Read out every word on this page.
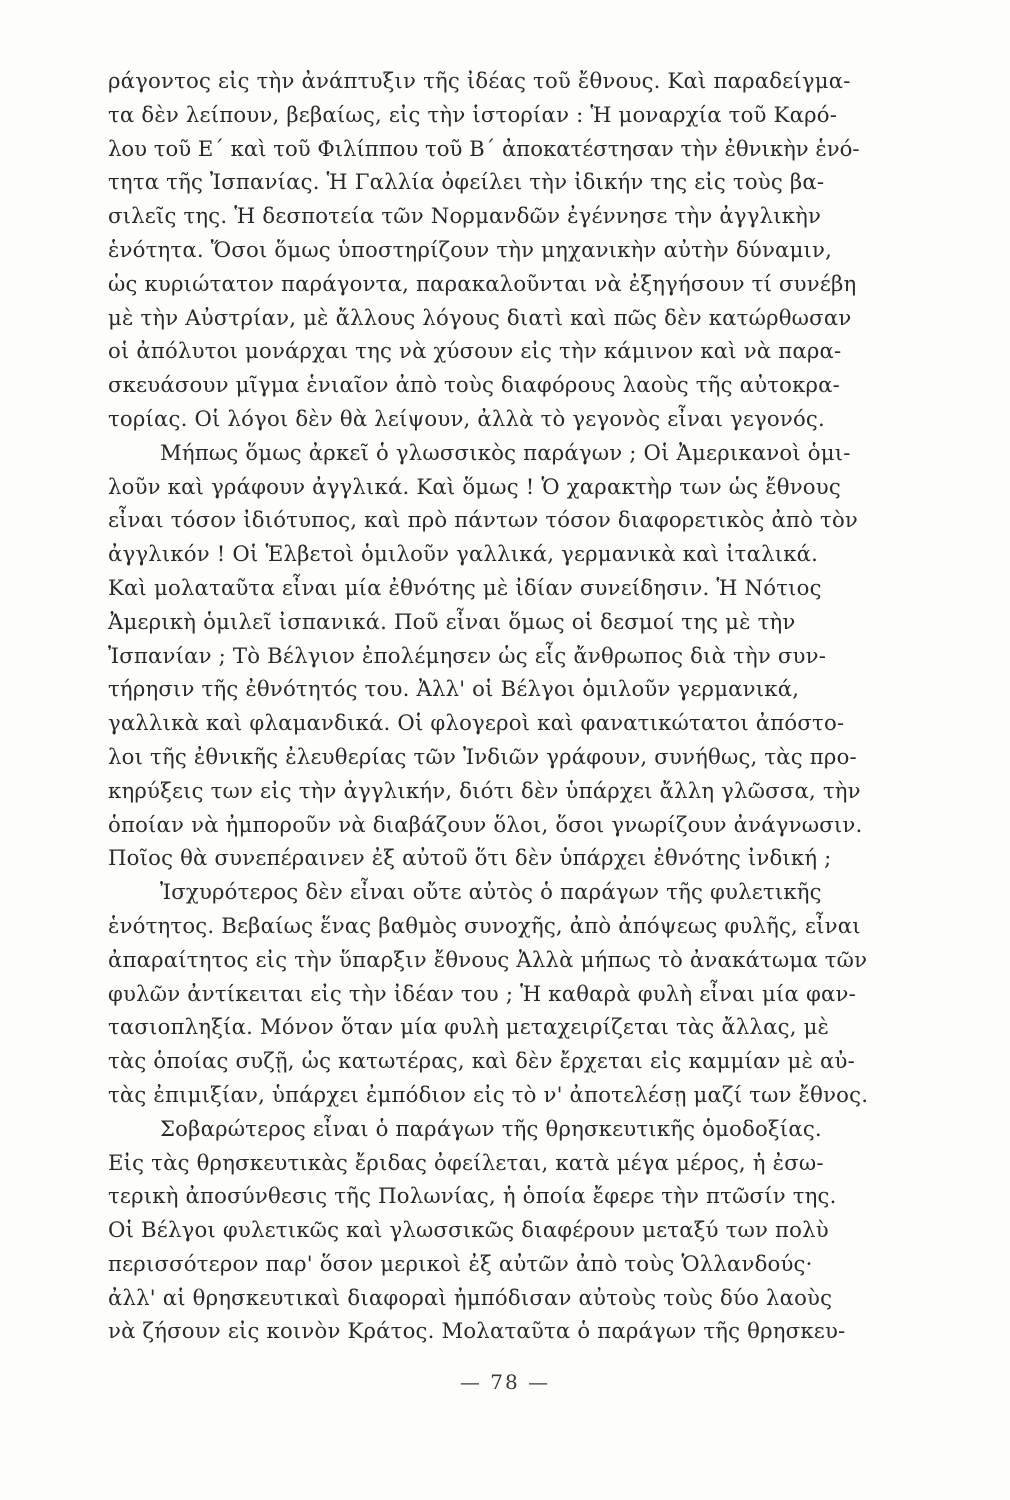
ράγοντος εἰς τὴν ἀνάπτυξιν τῆς ἰδέας τοῦ ἔθνους. Καὶ παραδείγμα-
τα δὲν λείπουν, βεβαίως, εἰς τὴν ἱστορίαν : Ἡ μοναρχία τοῦ Καρό-
λου τοῦ Ε΄ καὶ τοῦ Φιλίππου τοῦ Β΄ ἀποκατέστησαν τὴν ἐθνικὴν ἑνό-
τητα τῆς Ἰσπανίας. Ἡ Γαλλία ὀφείλει τὴν ἰδικήν της εἰς τοὺς βα-
σιλεῖς της. Ἡ δεσποτεία τῶν Νορμανδῶν ἐγέννησε τὴν ἀγγλικὴν
ἑνότητα. Ὅσοι ὅμως ὑποστηρίζουν τὴν μηχανικὴν αὐτὴν δύναμιν,
ὡς κυριώτατον παράγοντα, παρακαλοῦνται νὰ ἐξηγήσουν τί συνέβη
μὲ τὴν Αὐστρίαν, μὲ ἄλλους λόγους διατὶ καὶ πῶς δὲν κατώρθωσαν
οἱ ἀπόλυτοι μονάρχαι της νὰ χύσουν εἰς τὴν κάμινον καὶ νὰ παρα-
σκευάσουν μῖγμα ἑνιαῖον ἀπὸ τοὺς διαφόρους λαοὺς τῆς αὐτοκρα-
τορίας. Οἱ λόγοι δὲν θὰ λείψουν, ἀλλὰ τὸ γεγονὸς εἶναι γεγονός.
Μήπως ὅμως ἀρκεῖ ὁ γλωσσικὸς παράγων ; Οἱ Ἀμερικανοὶ ὁμι-
λοῦν καὶ γράφουν ἀγγλικά. Καὶ ὅμως ! Ὁ χαρακτὴρ των ὡς ἔθνους
εἶναι τόσον ἰδιότυπος, καὶ πρὸ πάντων τόσον διαφορετικὸς ἀπὸ τὸν
ἀγγλικόν ! Οἱ Ἑλβετοὶ ὁμιλοῦν γαλλικά, γερμανικὰ καὶ ἰταλικά.
Καὶ μολαταῦτα εἶναι μία ἐθνότης μὲ ἰδίαν συνείδησιν. Ἡ Νότιος
Ἀμερικὴ ὁμιλεῖ ἰσπανικά. Ποῦ εἶναι ὅμως οἱ δεσμοί της μὲ τὴν
Ἰσπανίαν ; Τὸ Βέλγιον ἐπολέμησεν ὡς εἷς ἄνθρωπος διὰ τὴν συν-
τήρησιν τῆς ἐθνότητός του. Ἀλλ' οἱ Βέλγοι ὁμιλοῦν γερμανικά,
γαλλικὰ καὶ φλαμανδικά. Οἱ φλογεροὶ καὶ φανατικώτατοι ἀπόστο-
λοι τῆς ἐθνικῆς ἐλευθερίας τῶν Ἰνδιῶν γράφουν, συνήθως, τὰς προ-
κηρύξεις των εἰς τὴν ἀγγλικήν, διότι δὲν ὑπάρχει ἄλλη γλῶσσα, τὴν
ὁποίαν νὰ ἠμποροῦν νὰ διαβάζουν ὅλοι, ὅσοι γνωρίζουν ἀνάγνωσιν.
Ποῖος θὰ συνεπέραινεν ἐξ αὐτοῦ ὅτι δὲν ὑπάρχει ἐθνότης ἰνδική ;
Ἰσχυρότερος δὲν εἶναι οὔτε αὐτὸς ὁ παράγων τῆς φυλετικῆς
ἑνότητος. Βεβαίως ἕνας βαθμὸς συνοχῆς, ἀπὸ ἀπόψεως φυλῆς, εἶναι
ἀπαραίτητος εἰς τὴν ὕπαρξιν ἔθνους Ἀλλὰ μήπως τὸ ἀνακάτωμα τῶν
φυλῶν ἀντίκειται εἰς τὴν ἰδέαν του ; Ἡ καθαρὰ φυλὴ εἶναι μία φαν-
τασιοπληξία. Μόνον ὅταν μία φυλὴ μεταχειρίζεται τὰς ἄλλας, μὲ
τὰς ὁποίας συζῇ, ὡς κατωτέρας, καὶ δὲν ἔρχεται εἰς καμμίαν μὲ αὐ-
τὰς ἐπιμιξίαν, ὑπάρχει ἐμπόδιον εἰς τὸ ν' ἀποτελέσῃ μαζί των ἔθνος.
Σοβαρώτερος εἶναι ὁ παράγων τῆς θρησκευτικῆς ὁμοδοξίας.
Εἰς τὰς θρησκευτικὰς ἔριδας ὀφείλεται, κατὰ μέγα μέρος, ἡ ἐσω-
τερικὴ ἀποσύνθεσις τῆς Πολωνίας, ἡ ὁποία ἔφερε τὴν πτῶσίν της.
Οἱ Βέλγοι φυλετικῶς καὶ γλωσσικῶς διαφέρουν μεταξύ των πολὺ
περισσότερον παρ' ὅσον μερικοὶ ἐξ αὐτῶν ἀπὸ τοὺς Ὁλλανδούς·
ἀλλ' αἱ θρησκευτικαὶ διαφοραὶ ἠμπόδισαν αὐτοὺς τοὺς δύο λαοὺς
νὰ ζήσουν εἰς κοινὸν Κράτος. Μολαταῦτα ὁ παράγων τῆς θρησκευ-
— 78 —
